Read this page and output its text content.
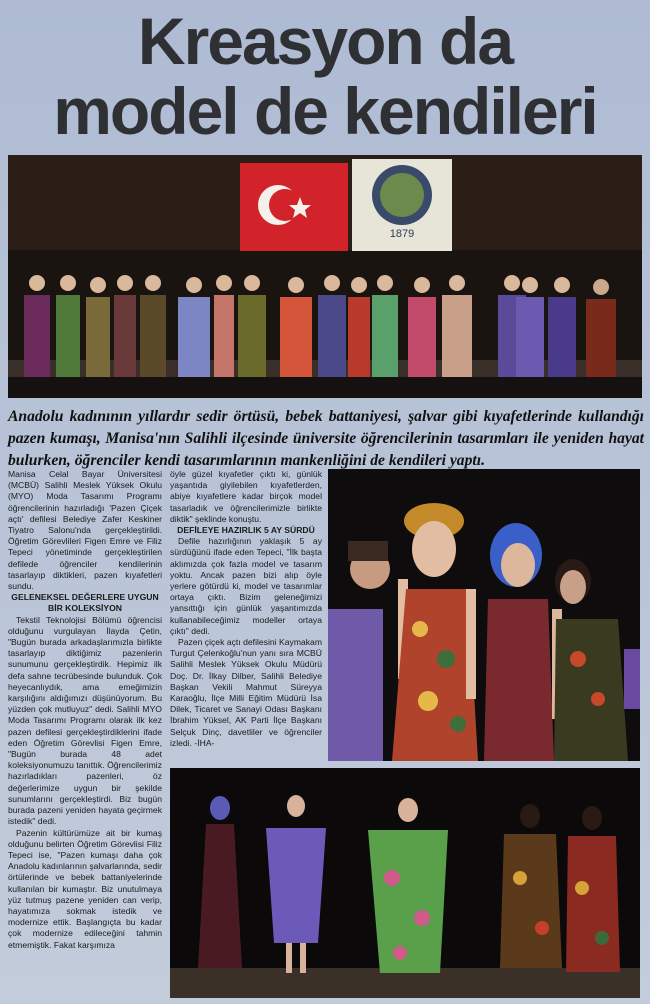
Kreasyon da
model de kendileri
1879
Anadolu kadınının yıllardır sedir örtüsü, bebek battaniyesi, şalvar gibi kıyafetlerinde kullandığı pazen kumaşı, Manisa'nın Salihli ilçesinde üniversite öğrencilerinin tasarımları ile yeniden hayat bulurken, öğrenciler kendi tasarımlarının mankenliğini de kendileri yaptı.

Manisa Celal Bayar Üniversitesi (MCBÜ) Salihli Meslek Yüksek Okulu (MYO) Moda Tasarımı Programı öğrencilerinin hazırladığı 'Pazen Çiçek açtı' defilesi Belediye Zafer Keskiner Tiyatro Salonu'nda gerçekleştirildi. Öğretim Görevlileri Figen Emre ve Filiz Tepeci yönetiminde gerçekleştirilen defilede öğrenciler kendilerinin tasarlayıp diktikleri, pazen kıyafetleri sundu.

GELENEKSEL DEĞERLERE UYGUN BİR KOLEKSİYON

Tekstil Teknolojisi Bölümü öğrencisi olduğunu vurgulayan İlayda Çetin, "Bugün burada arkadaşlarımızla birlikte tasarlayıp diktiğimiz pazenlerin sunumunu gerçekleştirdik. Hepimiz ilk defa sahne tecrübesinde bulunduk. Çok heyecanlıydık, ama emeğimizin karşılığını aldığımızı düşünüyorum. Bu yüzden çok mutluyuz" dedi. Salihli MYO Moda Tasarımı Programı olarak ilk kez pazen defilesi gerçekleştirdiklerini ifade eden Öğretim Görevlisi Figen Emre, "Bugün burada 48 adet koleksiyonumuzu tanıttık. Öğrencilerimiz hazırladıkları pazenleri, öz değerlerimize uygun bir şekilde sunumlarını gerçekleştirdi. Biz bugün burada pazeni yeniden hayata geçirmek istedik" dedi.

Pazenin kültürümüze ait bir kumaş olduğunu belirten Öğretim Görevlisi Filiz Tepeci ise, "Pazen kumaşı daha çok Anadolu kadınlarının şalvarlarında, sedir örtülerinde ve bebek battaniyelerinde kullanılan bir kumaştır. Biz unutulmaya yüz tutmuş pazene yeniden can verip, hayatımıza sokmak istedik ve modernize ettik. Başlangıçta bu kadar çok modernize edileceğini tahmin etmemiştik. Fakat karşımıza

öyle güzel kıyafetler çıktı ki, günlük yaşantıda giyilebilen kıyafetlerden, abiye kıyafetlere kadar birçok model tasarladık ve öğrencilerimizle birlikte diktik" şeklinde konuştu.

DEFİLEYE HAZIRLIK 5 AY SÜRDÜ

Defile hazırlığının yaklaşık 5 ay sürdüğünü ifade eden Tepeci, "İlk başta aklımızda çok fazla model ve tasarım yoktu. Ancak pazen bizi alıp öyle yerlere götürdü ki, model ve tasarımlar ortaya çıktı. Bizim geleneğimizi yansıttığı için günlük yaşantımızda kullanabileceğimiz modeller ortaya çıktı" dedi.

Pazen çiçek açtı defilesini Kaymakam Turgut Çelenkoğlu'nun yanı sıra MCBÜ Salihli Meslek Yüksek Okulu Müdürü Doç. Dr. İlkay Dilber, Salihli Belediye Başkan Vekili Mahmut Süreyya Karaoğlu, İlçe Milli Eğitim Müdürü İsa Dilek, Ticaret ve Sanayi Odası Başkanı İbrahim Yüksel, AK Parti İlçe Başkanı Selçuk Dinç, davetliler ve öğrenciler izledi. -İHA-
